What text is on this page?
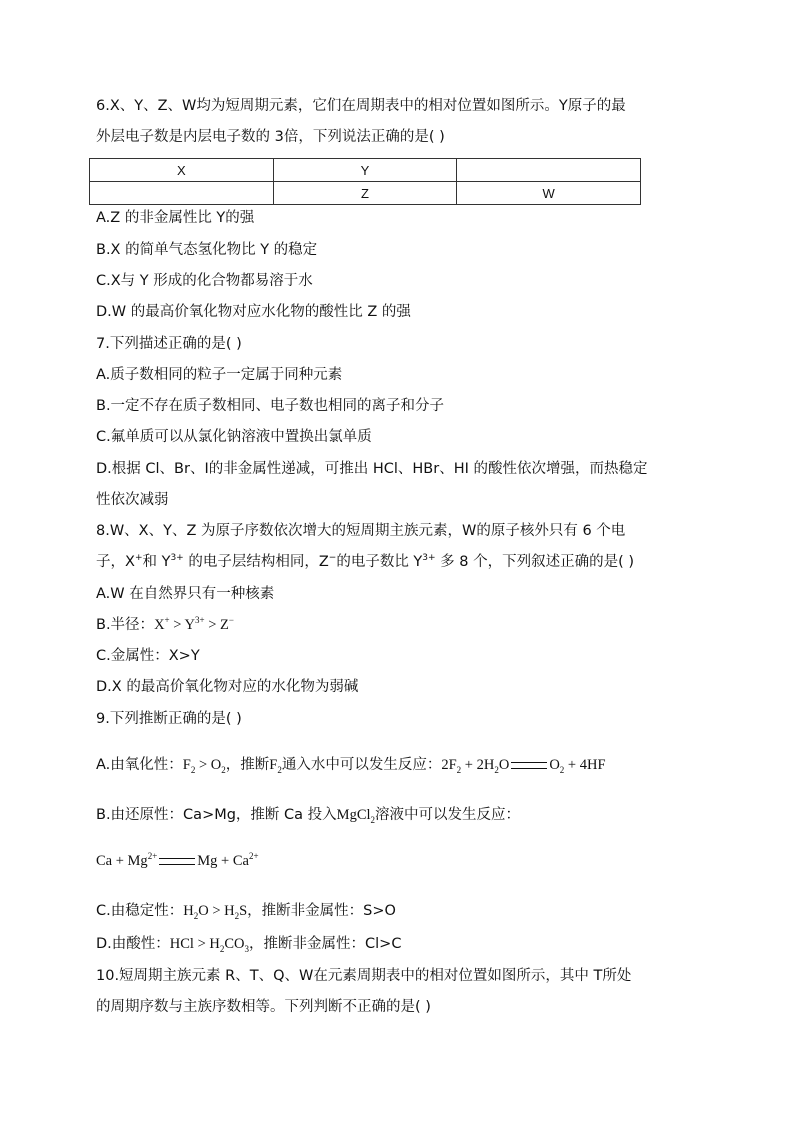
6.X、Y、Z、W均为短周期元素，它们在周期表中的相对位置如图所示。Y原子的最
外层电子数是内层电子数的 3倍，下列说法正确的是( )
X	Y	
	Z	W
A.Z 的非金属性比 Y的强
B.X 的简单气态氢化物比 Y 的稳定
C.X与 Y 形成的化合物都易溶于水
D.W 的最高价氧化物对应水化物的酸性比 Z 的强
7.下列描述正确的是( )
A.质子数相同的粒子一定属于同种元素
B.一定不存在质子数相同、电子数也相同的离子和分子
C.氟单质可以从氯化钠溶液中置换出氯单质
D.根据 Cl、Br、I的非金属性递减，可推出 HCl、HBr、HI 的酸性依次增强，而热稳定
性依次减弱
8.W、X、Y、Z 为原子序数依次增大的短周期主族元素，W的原子核外只有 6 个电
子，X+和 $Y^{3+}$ 的电子层结构相同，Z−的电子数比 $Y^{3+}$ 多 8 个，下列叙述正确的是( )
A.W 在自然界只有一种核素
B.半径：$X^+ > Y^{3+} > Z^-$
C.金属性：X>Y
D.X 的最高价氧化物对应的水化物为弱碱
9.下列推断正确的是( )
A.由氧化性：$F_2 > O_2$，推断$F_2$通入水中可以发生反应：$2F_2 + 2H_2O$	$O_2 + 4HF$
B.由还原性：Ca>Mg，推断 Ca 投入MgCl$_2$溶液中可以发生反应：
$Ca + Mg^{2+}$	$Mg + Ca^{2+}$
C.由稳定性：$H_2O > H_2S$，推断非金属性：S>O
D.由酸性：HCl > $H_2CO_3$，推断非金属性：Cl>C
10.短周期主族元素 R、T、Q、W在元素周期表中的相对位置如图所示，其中 T所处
的周期序数与主族序数相等。下列判断不正确的是( )
